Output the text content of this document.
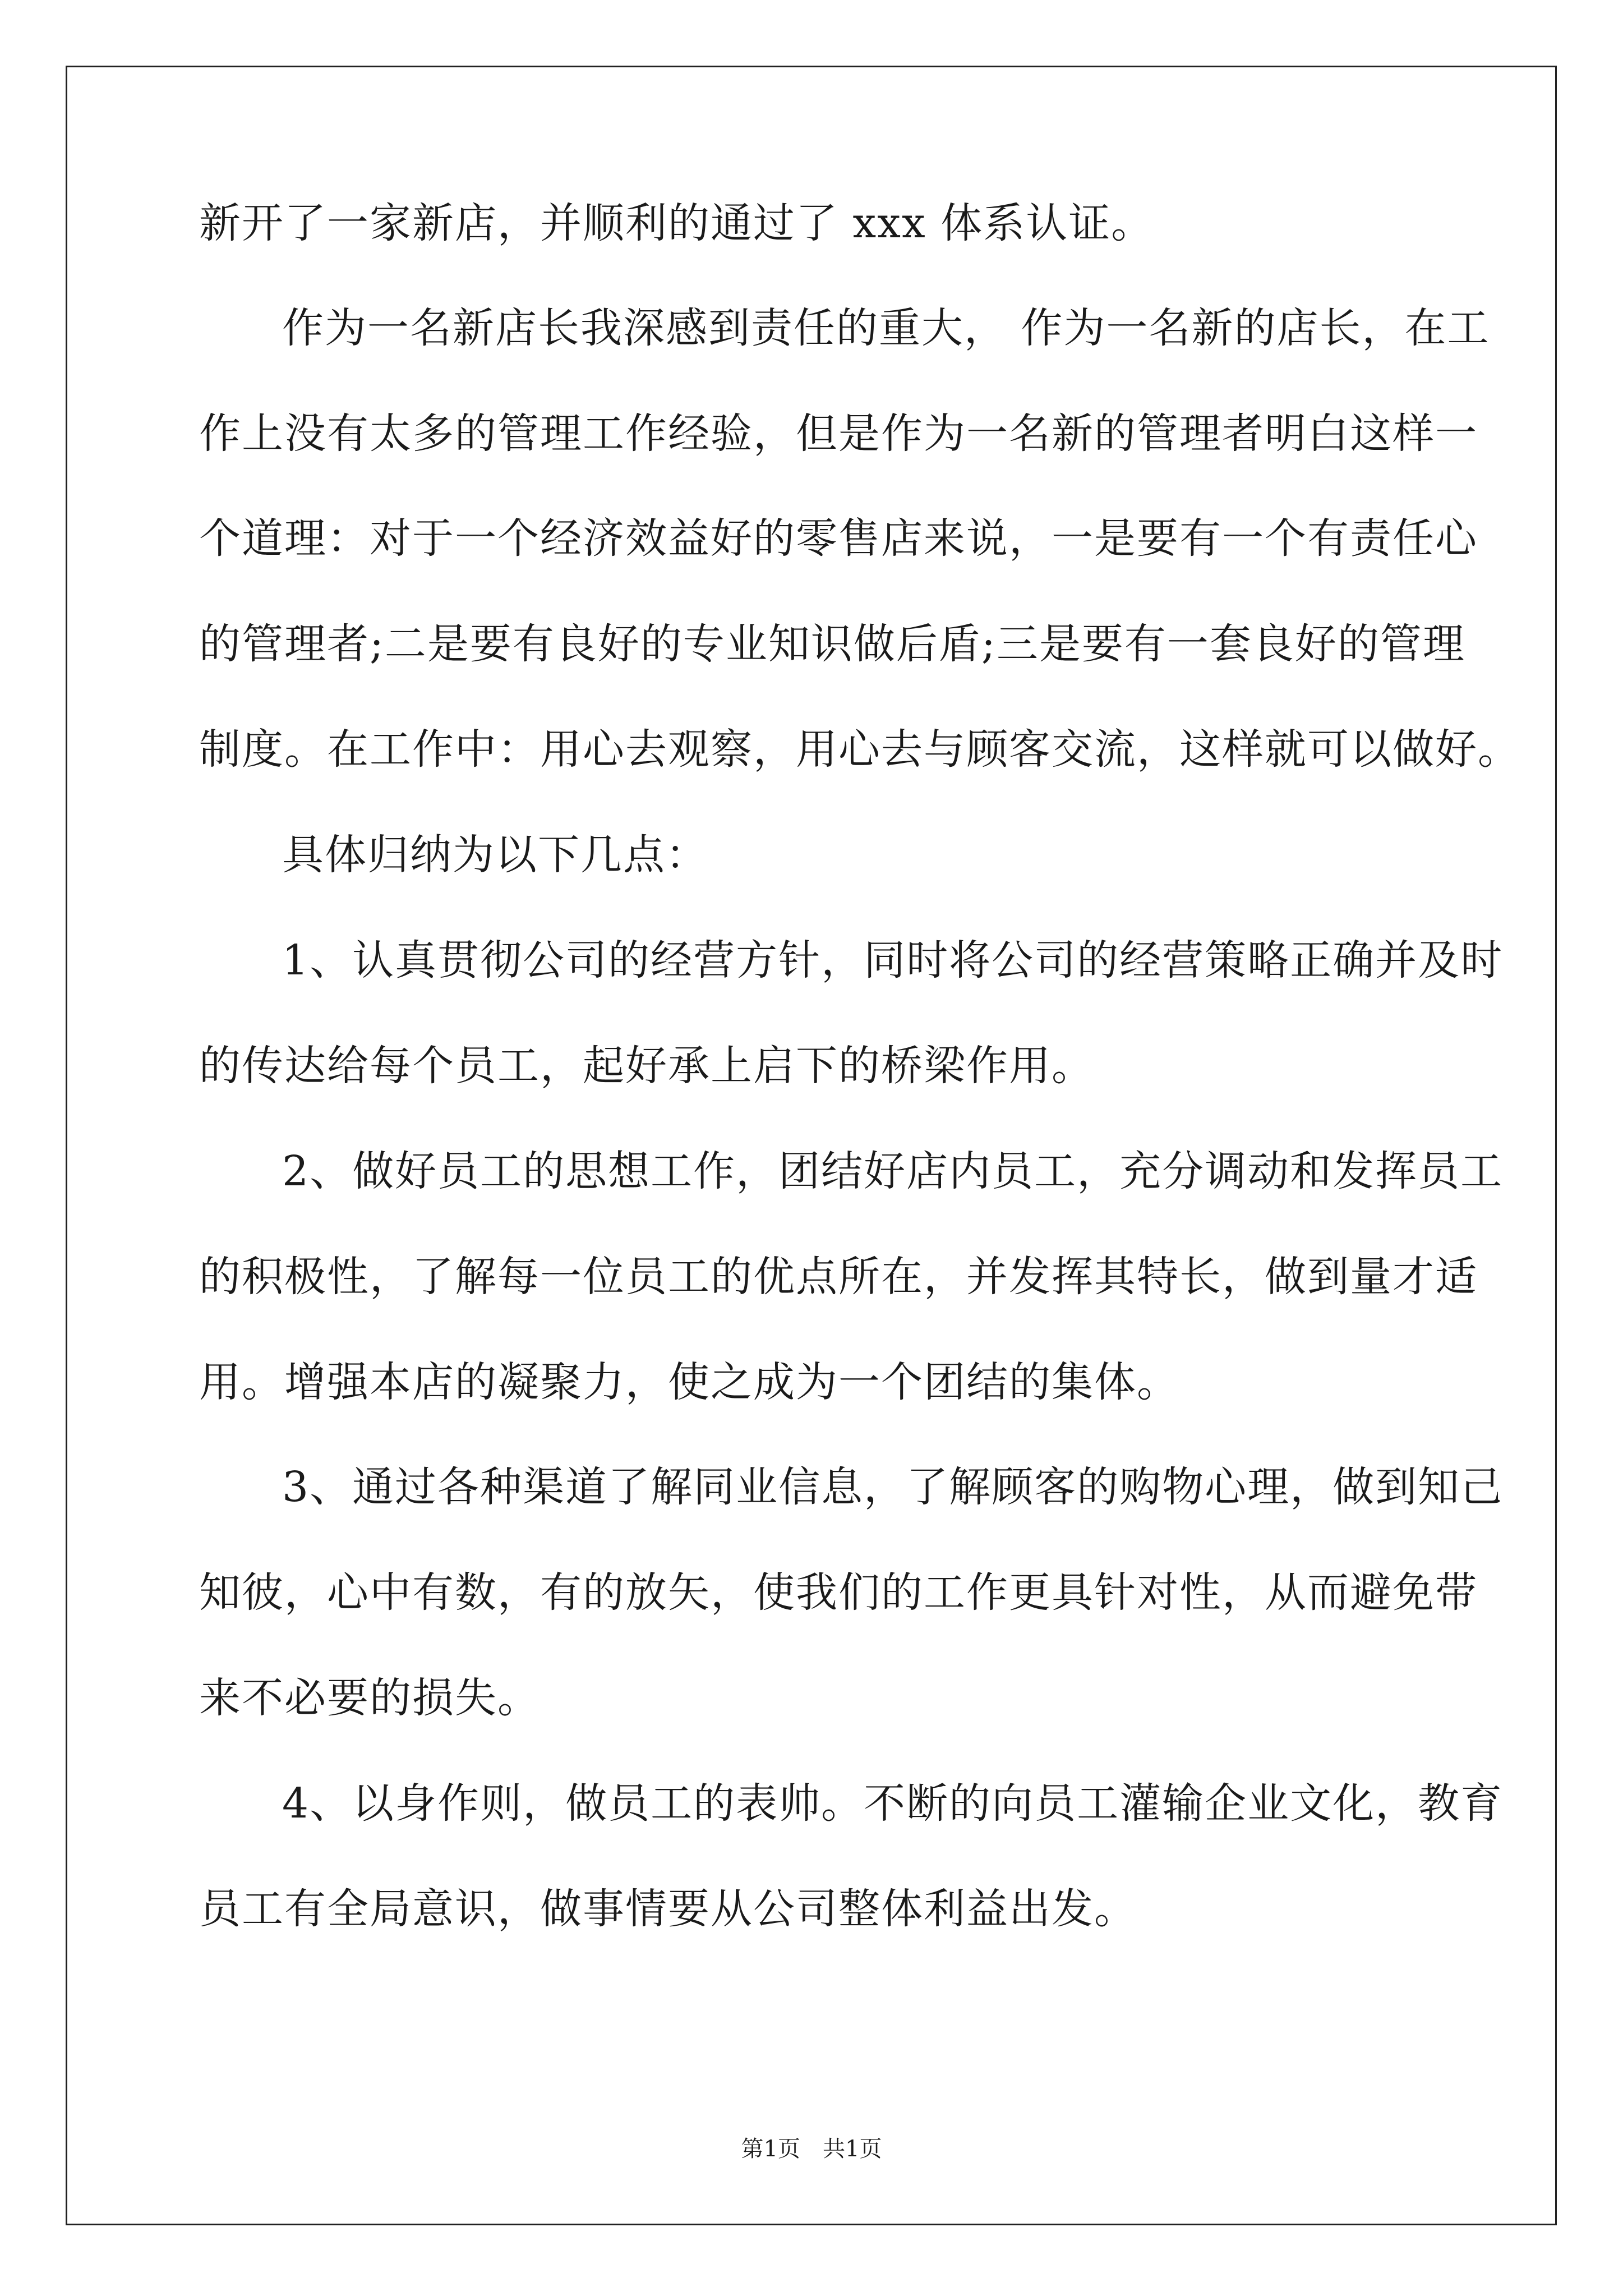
新开了一家新店，并顺利的通过了 xxx 体系认证。
作为一名新店长我深感到责任的重大， 作为一名新的店长，在工
作上没有太多的管理工作经验，但是作为一名新的管理者明白这样一
个道理：对于一个经济效益好的零售店来说，一是要有一个有责任心
的管理者;二是要有良好的专业知识做后盾;三是要有一套良好的管理
制度。在工作中：用心去观察，用心去与顾客交流，这样就可以做好。
具体归纳为以下几点：
1、认真贯彻公司的经营方针，同时将公司的经营策略正确并及时
的传达给每个员工，起好承上启下的桥梁作用。
2、做好员工的思想工作，团结好店内员工，充分调动和发挥员工
的积极性，了解每一位员工的优点所在，并发挥其特长，做到量才适
用。增强本店的凝聚力，使之成为一个团结的集体。
3、通过各种渠道了解同业信息，了解顾客的购物心理，做到知己
知彼，心中有数，有的放矢，使我们的工作更具针对性，从而避免带
来不必要的损失。
4、以身作则，做员工的表帅。不断的向员工灌输企业文化，教育
员工有全局意识，做事情要从公司整体利益出发。
第1页　共1页
